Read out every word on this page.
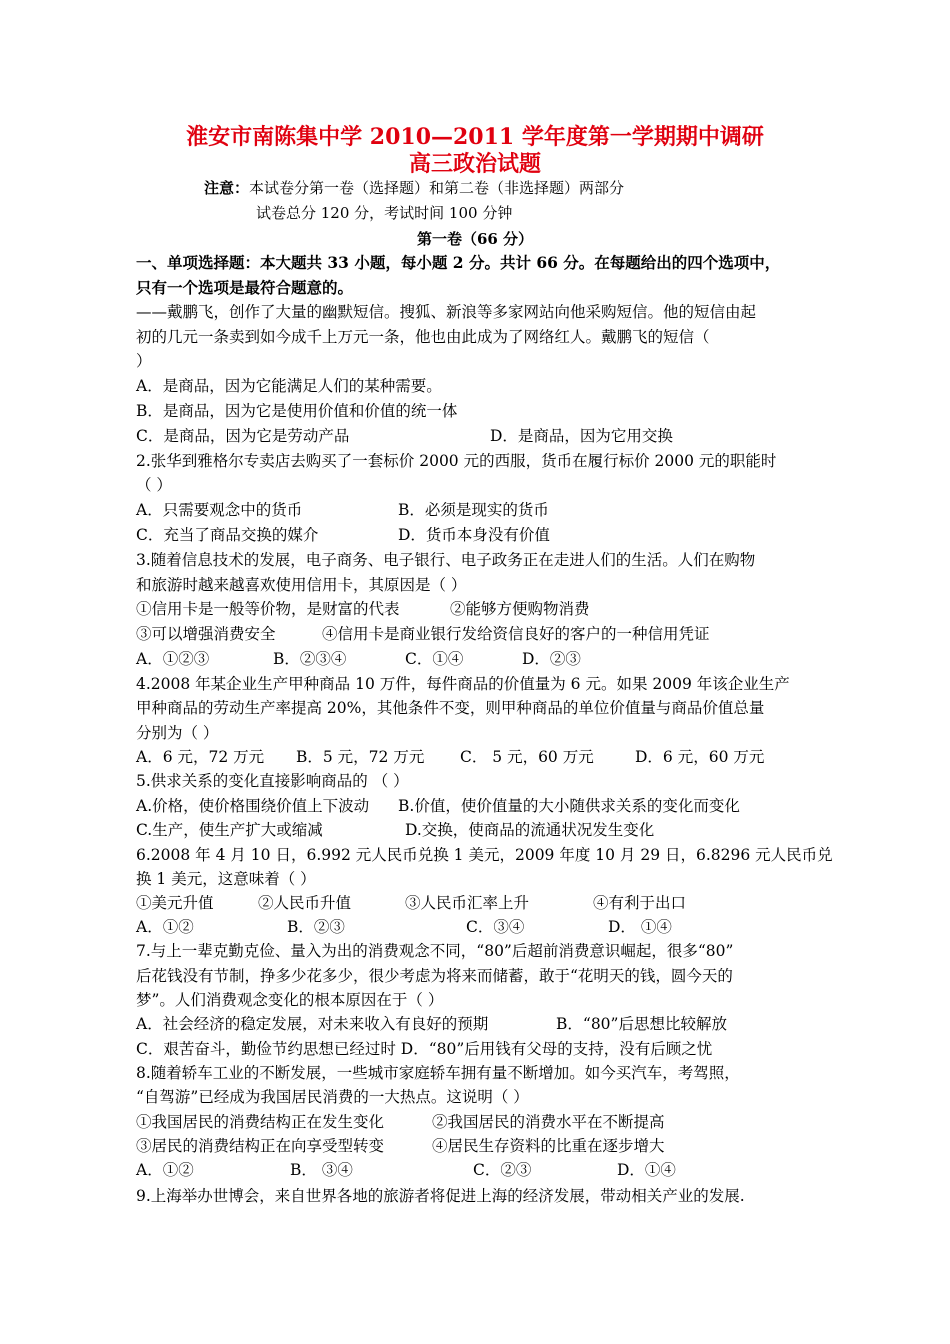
淮安市南陈集中学 2010—2011 学年度第一学期期中调研
高三政治试题
注意：本试卷分第一卷（选择题）和第二卷（非选择题）两部分
试卷总分 120 分，考试时间 100 分钟
第一卷（66 分）
一、单项选择题：本大题共 33 小题，每小题 2 分。共计 66 分。在每题给出的四个选项中，
只有一个选项是最符合题意的。
——戴鹏飞，创作了大量的幽默短信。搜狐、新浪等多家网站向他采购短信。他的短信由起
初的几元一条卖到如今成千上万元一条，他也由此成为了网络红人。戴鹏飞的短信（
）
A．是商品，因为它能满足人们的某种需要。
B．是商品，因为它是使用价值和价值的统一体
C．是商品，因为它是劳动产品	D．是商品，因为它用交换
2.张华到雅格尔专卖店去购买了一套标价 2000 元的西服，货币在履行标价 2000 元的职能时
（ ）
A．只需要观念中的货币	B．必须是现实的货币
C．充当了商品交换的媒介	D．货币本身没有价值
3.随着信息技术的发展，电子商务、电子银行、电子政务正在走进人们的生活。人们在购物
和旅游时越来越喜欢使用信用卡，其原因是（ ）
①信用卡是一般等价物，是财富的代表	②能够方便购物消费
③可以增强消费安全	④信用卡是商业银行发给资信良好的客户的一种信用凭证
A．①②③	B．②③④	C．①④	D．②③
4.2008 年某企业生产甲种商品 10 万件，每件商品的价值量为 6 元。如果 2009 年该企业生产
甲种商品的劳动生产率提高 20%，其他条件不变，则甲种商品的单位价值量与商品价值总量
分别为（ ）
A．6 元，72 万元 B．5 元，72 万元 C． 5 元，60 万元	D．6 元，60 万元
5.供求关系的变化直接影响商品的 （ ）
A.价格，使价格围绕价值上下波动 B.价值，使价值量的大小随供求关系的变化而变化
C.生产，使生产扩大或缩减	D.交换，使商品的流通状况发生变化
6.2008 年 4 月 10 日，6.992 元人民币兑换 1 美元，2009 年度 10 月 29 日，6.8296 元人民币兑
换 1 美元，这意味着（ ）
①美元升值	②人民币升值	③人民币汇率上升	④有利于出口
A．①②	B．②③	C．③④	D． ①④
7.与上一辈克勤克俭、量入为出的消费观念不同，“80”后超前消费意识崛起，很多“80”
后花钱没有节制，挣多少花多少，很少考虑为将来而储蓄，敢于“花明天的钱，圆今天的
梦”。人们消费观念变化的根本原因在于（ ）
A．社会经济的稳定发展，对未来收入有良好的预期	B．“80”后思想比较解放
C．艰苦奋斗，勤俭节约思想已经过时 D．“80”后用钱有父母的支持，没有后顾之忧
8.随着轿车工业的不断发展，一些城市家庭轿车拥有量不断增加。如今买汽车，考驾照，
“自驾游”已经成为我国居民消费的一大热点。这说明（ ）
①我国居民的消费结构正在发生变化	②我国居民的消费水平在不断提高
③居民的消费结构正在向享受型转变	④居民生存资料的比重在逐步增大
A．①②	B． ③④	C．②③	D．①④
9.上海举办世博会，来自世界各地的旅游者将促进上海的经济发展，带动相关产业的发展.
